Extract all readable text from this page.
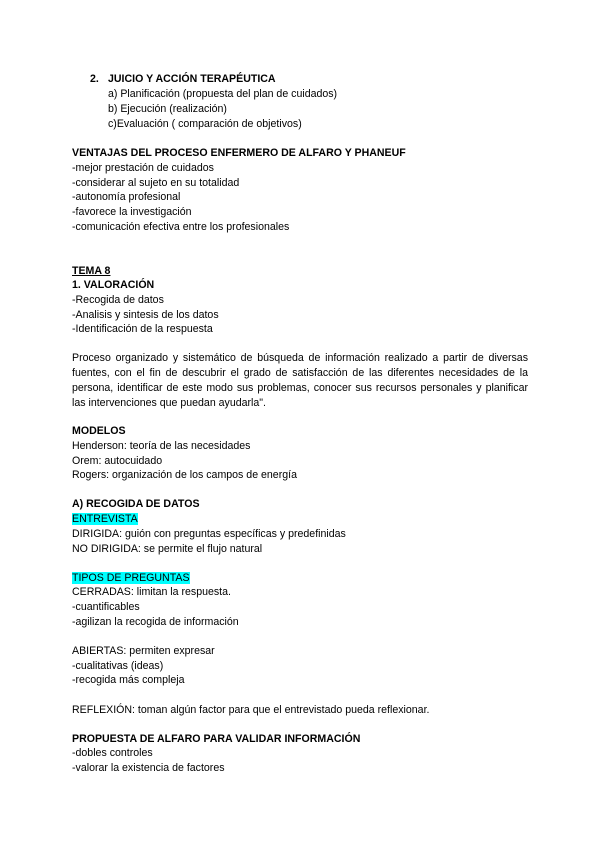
2. JUICIO Y ACCIÓN TERAPÉUTICA
a) Planificación (propuesta del plan de cuidados)
b) Ejecución (realización)
c)Evaluación ( comparación de objetivos)
VENTAJAS DEL PROCESO ENFERMERO DE ALFARO Y PHANEUF
-mejor prestación de cuidados
-considerar al sujeto en su totalidad
-autonomía profesional
-favorece la investigación
-comunicación efectiva entre los profesionales
TEMA 8
1. VALORACIÓN
-Recogida de datos
-Analisis y sintesis de los datos
-Identificación de la respuesta
Proceso organizado y sistemático de búsqueda de información realizado a partir de diversas fuentes, con el fin de descubrir el grado de satisfacción de las diferentes necesidades de la persona, identificar de este modo sus problemas, conocer sus recursos personales y planificar las intervenciones que puedan ayudarla".
MODELOS
Henderson: teoría de las necesidades
Orem: autocuidado
Rogers: organización de los campos de energía
A) RECOGIDA DE DATOS
ENTREVISTA
DIRIGIDA: guión con preguntas específicas y predefinidas
NO DIRIGIDA: se permite el flujo natural
TIPOS DE PREGUNTAS
CERRADAS: limitan la respuesta.
-cuantificables
-agilizan la recogida de información
ABIERTAS: permiten expresar
-cualitativas (ideas)
-recogida más compleja
REFLEXIÓN: toman algún factor para que el entrevistado pueda reflexionar.
PROPUESTA DE ALFARO PARA VALIDAR INFORMACIÓN
-dobles controles
-valorar la existencia de factores
